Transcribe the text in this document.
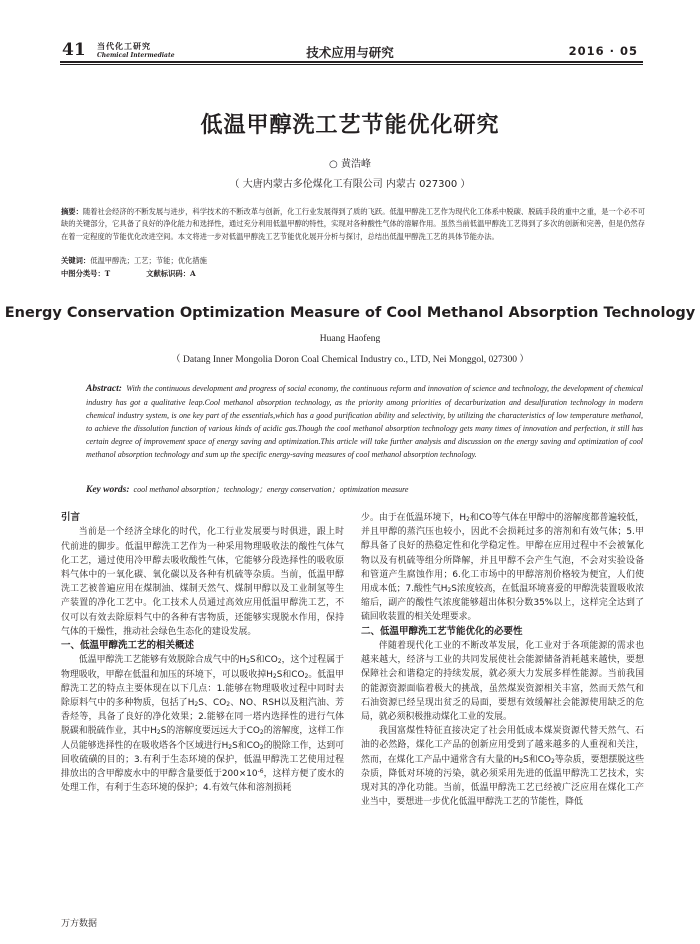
41 当代化工研究
Chemical Intermediate	技术应用与研究	2016 · 05
低温甲醇洗工艺节能优化研究
○ 黄浩峰
（ 大唐内蒙古多伦煤化工有限公司 内蒙古 027300 ）
摘要：随着社会经济的不断发展与进步，科学技术的不断改革与创新，化工行业发展得到了质的飞跃。低温甲醇洗工艺作为现代化工体系中脱碳、脱硫手段的重中之重，是一个必不可缺的关键部分，它具备了良好的净化能力和选择性，通过充分利用低温甲醇的特性，实现对各种酸性气体的溶解作用。虽然当前低温甲醇洗工艺得到了多次的创新和完善，但是仍然存在着一定程度的节能优化改进空间。本文将进一步对低温甲醇洗工艺节能优化展开分析与探讨，总结出低温甲醇洗工艺的具体节能办法。
关键词：低温甲醇洗；工艺；节能；优化措施
中图分类号：T	文献标识码：A
Energy Conservation Optimization Measure of Cool Methanol Absorption Technology
Huang Haofeng
（ Datang Inner Mongolia Doron Coal Chemical Industry co., LTD, Nei Monggol, 027300 ）
Abstract: With the continuous development and progress of social economy, the continuous reform and innovation of science and technology, the development of chemical industry has got a qualitative leap.Cool methanol absorption technology, as the priority among priorities of decarburization and desulfuration technology in modern chemical industry system, is one key part of the essentials,which has a good purification ability and selectivity, by utilizing the characteristics of low temperature methanol, to achieve the dissolution function of various kinds of acidic gas.Though the cool methanol absorption technology gets many times of innovation and perfection, it still has certain degree of improvement space of energy saving and optimization.This article will take further analysis and discussion on the energy saving and optimization of cool methanol absorption technology and sum up the specific energy-saving measures of cool methanol absorption technology.
Key words: cool methanol absorption；technology；energy conservation；optimization measure
引言

当前是一个经济全球化的时代，化工行业发展要与时俱进，跟上时代前进的脚步。低温甲醇洗工艺作为一种采用物理吸收法的酸性气体气化工艺，通过使用冷甲醇去吸收酸性气体，它能够分段选择性的吸收原料气体中的一氧化碳、氧化碳以及各种有机硫等杂质。当前，低温甲醇洗工艺被普遍应用在煤制油、煤制天然气、煤制甲醇以及工业制氢等生产装置的净化工艺中。化工技术人员通过高效应用低温甲醇洗工艺，不仅可以有效去除原料气中的各种有害物质，还能够实现脱水作用，保持气体的干燥性，推动社会绿色生态化的建设发展。

一、低温甲醇洗工艺的相关概述

低温甲醇洗工艺能够有效脱除合成气中的$H_2S$和$CO_2$，这个过程属于物理吸收，甲醇在低温和加压的环境下，可以吸收掉$H_2S$和$CO_2$。低温甲醇洗工艺的特点主要体现在以下几点：1.能够在物理吸收过程中同时去除原料气中的多种物质，包括了$H_2S$、$CO_2$、NO、RSH以及粗汽油、芳香烃等，具备了良好的净化效果；2.能够在同一塔内选择性的进行气体脱碳和脱硫作业，其中$H_2S$的溶解度要远远大于$CO_2$的溶解度，这样工作人员能够选择性的在吸收塔各个区域进行$H_2S$和$CO_2$的脱除工作，达到可回收硫磺的目的；3.有利于生态环境的保护，低温甲醇洗工艺使用过程排放出的含甲醇废水中的甲醇含量要低于$200\times 10^{-6}$，这样方便了废水的处理工作，有利于生态环境的保护；4.有效气体和溶剂损耗

少。由于在低温环境下，$H_2$和CO等气体在甲醇中的溶解度都普遍较低，并且甲醇的蒸汽压也较小，因此不会损耗过多的溶剂和有效气体；5.甲醇具备了良好的热稳定性和化学稳定性。甲醇在应用过程中不会被氰化物以及有机硫等组分所降解，并且甲醇不会产生气泡，不会对实验设备和管道产生腐蚀作用；6.化工市场中的甲醇溶剂价格较为便宜，人们使用成本低；7.酸性气$H_2S$浓度较高，在低温环境喜爱的甲醇洗装置吸收浓缩后，副产的酸性气浓度能够超出体积分数35%以上，这样完全达到了硫回收装置的相关处理要求。

二、低温甲醇洗工艺节能优化的必要性

伴随着现代化工业的不断改革发展，化工业对于各项能源的需求也越来越大，经济与工业的共同发展使社会能源储备消耗越来越快，要想保障社会和谐稳定的持续发展，就必须大力发展多样性能源。当前我国的能源资源面临着极大的挑战，虽然煤炭资源相关丰富，然而天然气和石油资源已经呈现出贫乏的局面，要想有效缓解社会能源使用缺乏的危局，就必须积极推动煤化工业的发展。

我国富煤性特征直接决定了社会用低成本煤炭资源代替天然气、石油的必然路，煤化工产品的创新应用受到了越来越多的人重视和关注，然而，在煤化工产品中通常含有大量的$H_2S$和$CO_2$等杂质，要想摆脱这些杂质，降低对环境的污染，就必须采用先进的低温甲醇洗工艺技术，实现对其的净化功能。当前，低温甲醇洗工艺已经被广泛应用在煤化工产业当中，要想进一步优化低温甲醇洗工艺的节能性，降低

万方数据
